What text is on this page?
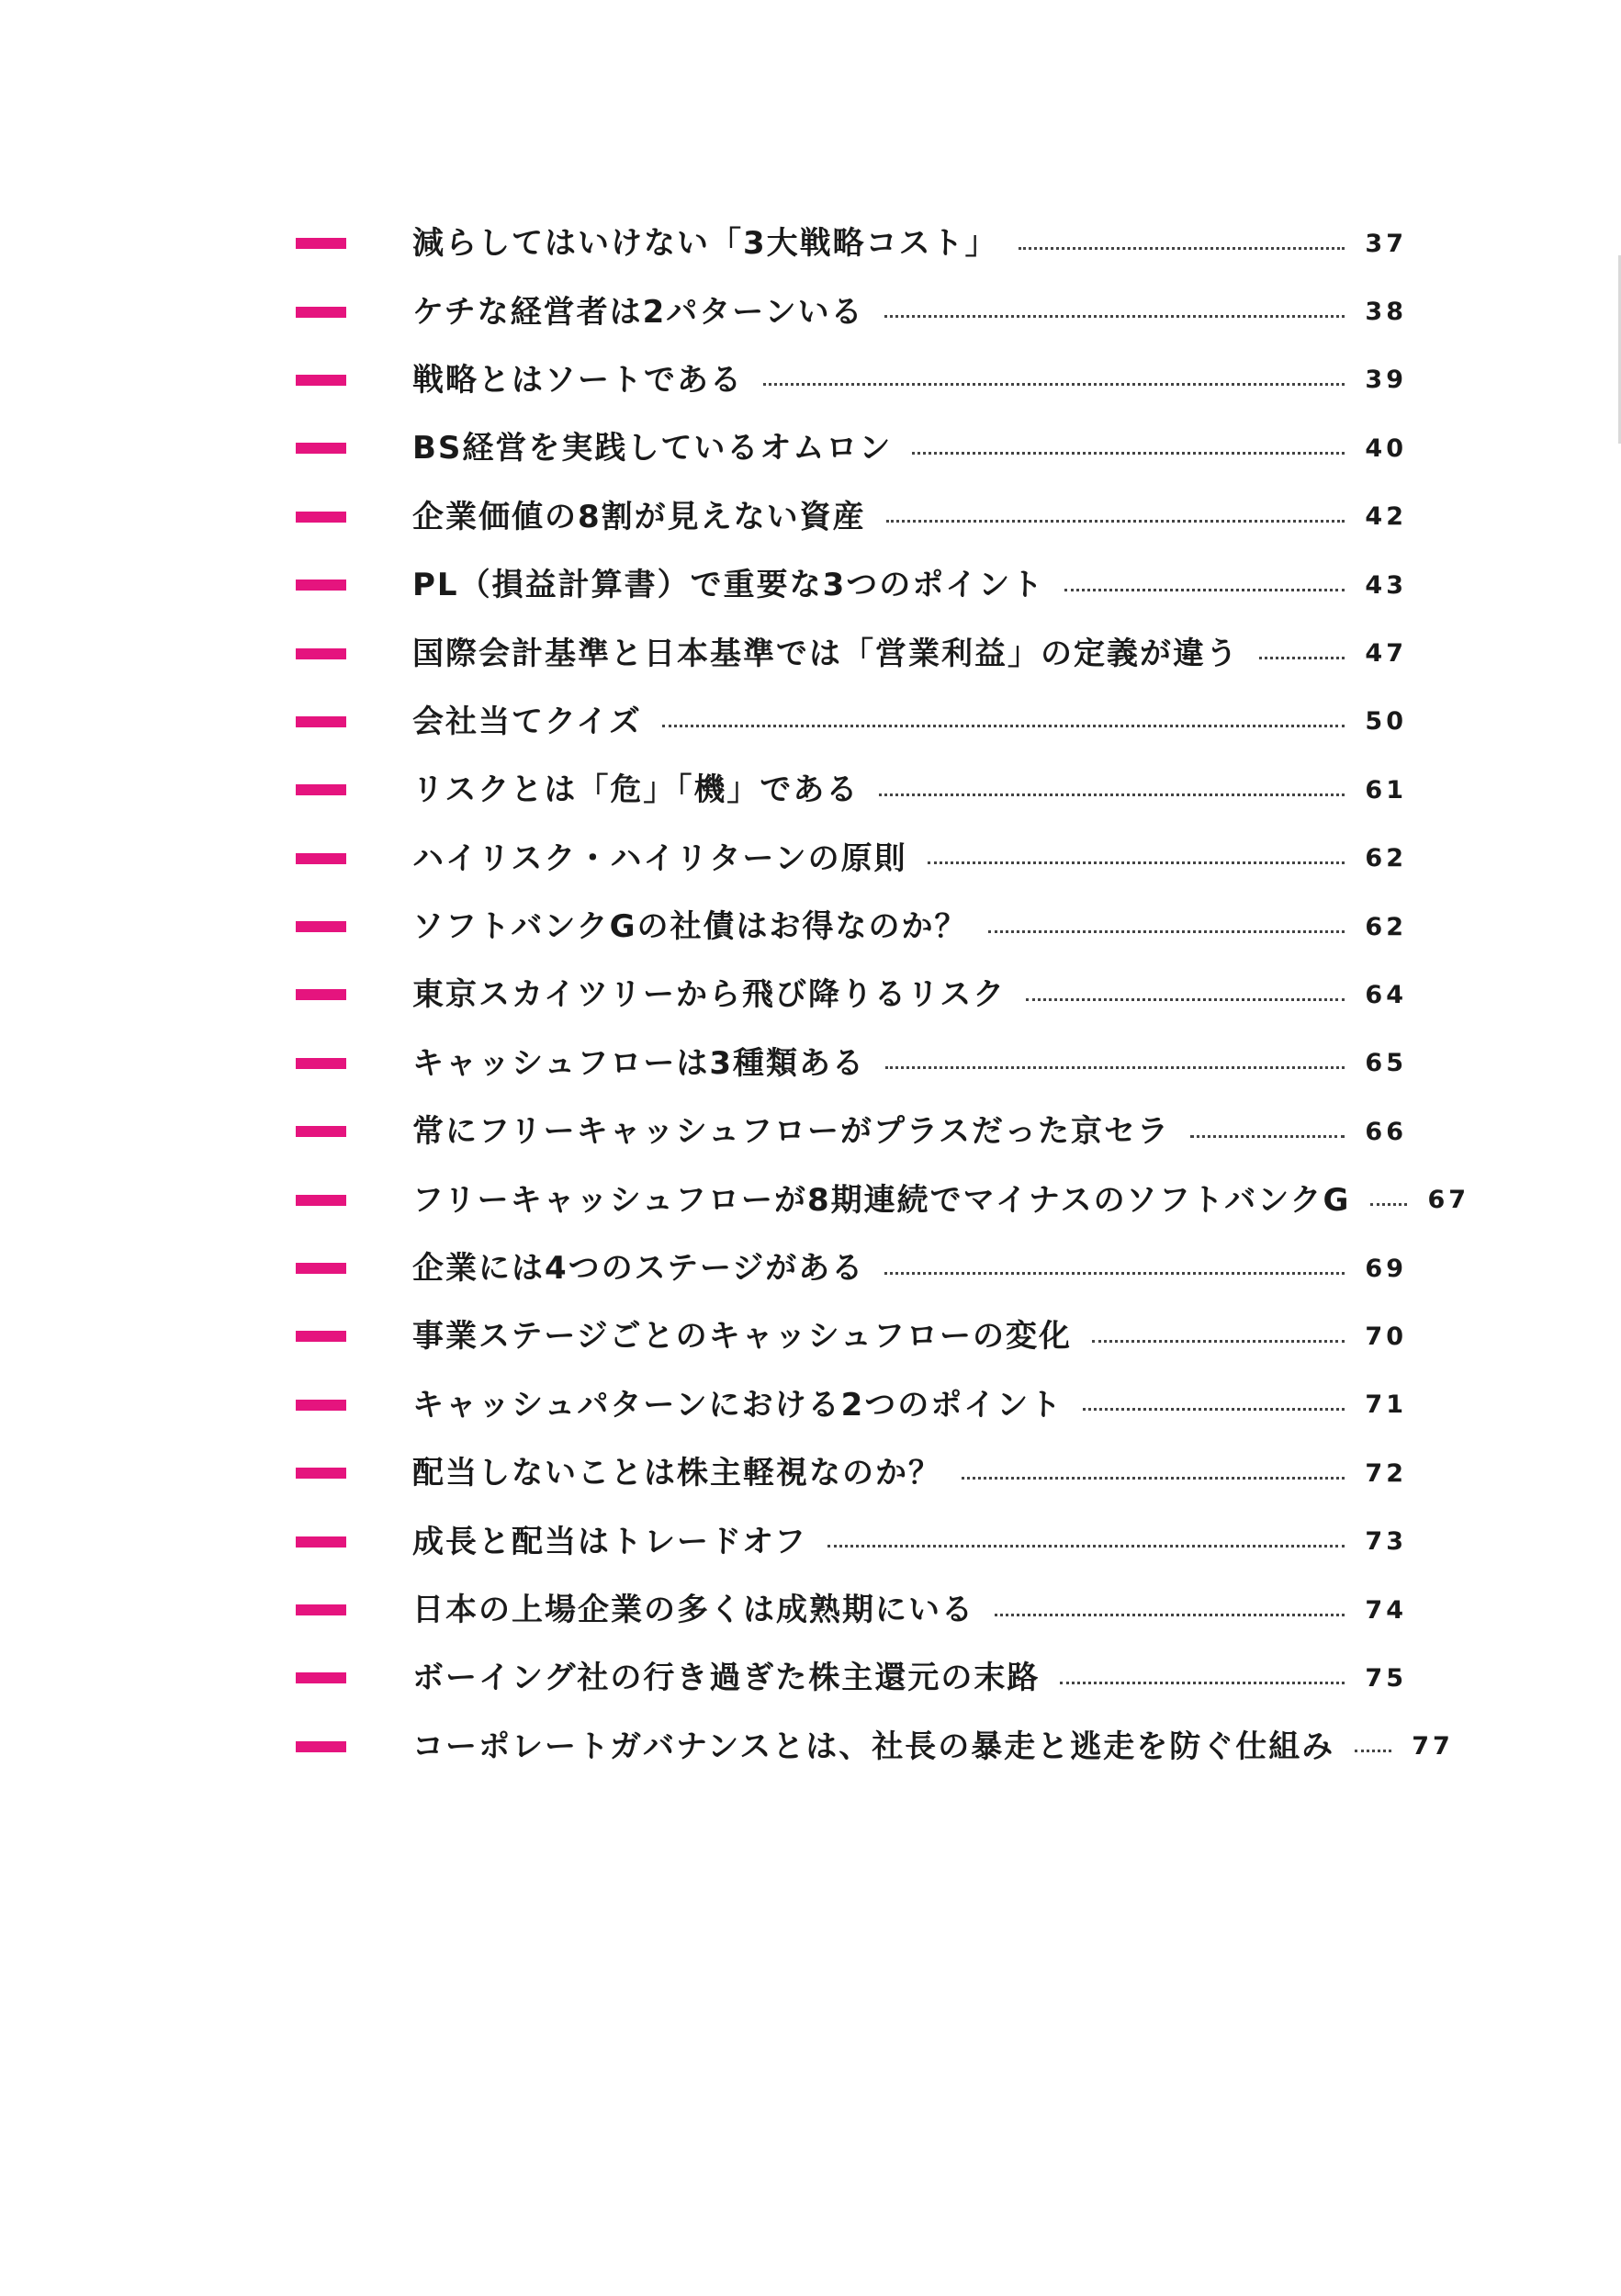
減らしてはいけない「3大戦略コスト」	37
ケチな経営者は2パターンいる	38
戦略とはソートである	39
BS経営を実践しているオムロン	40
企業価値の8割が見えない資産	42
PL（損益計算書）で重要な3つのポイント	43
国際会計基準と日本基準では「営業利益」の定義が違う	47
会社当てクイズ	50
リスクとは「危」「機」である	61
ハイリスク・ハイリターンの原則	62
ソフトバンクGの社債はお得なのか？	62
東京スカイツリーから飛び降りるリスク	64
キャッシュフローは3種類ある	65
常にフリーキャッシュフローがプラスだった京セラ	66
フリーキャッシュフローが8期連続でマイナスのソフトバンクG	67
企業には4つのステージがある	69
事業ステージごとのキャッシュフローの変化	70
キャッシュパターンにおける2つのポイント	71
配当しないことは株主軽視なのか？	72
成長と配当はトレードオフ	73
日本の上場企業の多くは成熟期にいる	74
ボーイング社の行き過ぎた株主還元の末路	75
コーポレートガバナンスとは、社長の暴走と逃走を防ぐ仕組み	77
